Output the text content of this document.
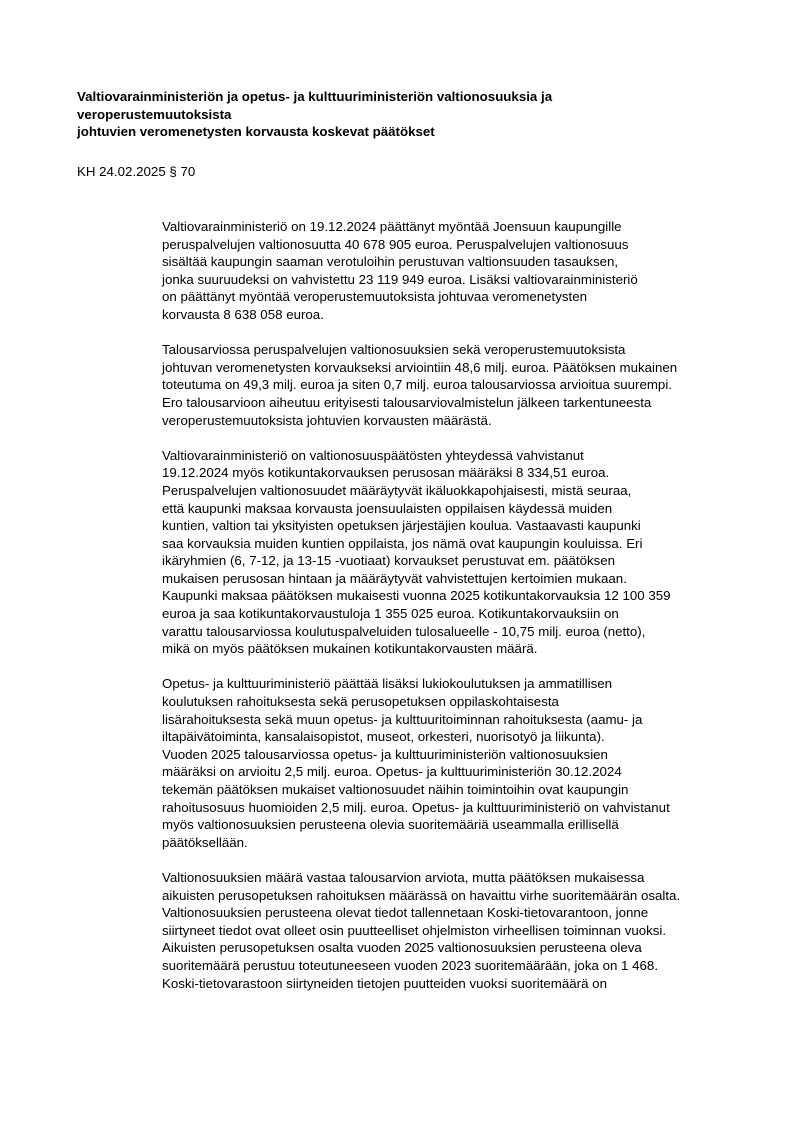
Valtiovarainministeriön ja opetus- ja kulttuuriministeriön valtionosuuksia ja
veroperustemuutoksista
johtuvien veromenetysten korvausta koskevat päätökset

KH 24.02.2025 § 70

Valtiovarainministeriö on 19.12.2024 päättänyt myöntää Joensuun kaupungille
peruspalvelujen valtionosuutta 40 678 905 euroa. Peruspalvelujen valtionosuus
sisältää kaupungin saaman verotuloihin perustuvan valtionsuuden tasauksen,
jonka suuruudeksi on vahvistettu 23 119 949 euroa. Lisäksi valtiovarainministeriö
on päättänyt myöntää veroperustemuutoksista johtuvaa veromenetysten
korvausta 8 638 058 euroa.

Talousarviossa peruspalvelujen valtionosuuksien sekä veroperustemuutoksista
johtuvan veromenetysten korvaukseksi arviointiin 48,6 milj. euroa. Päätöksen mukainen
toteutuma on 49,3 milj. euroa ja siten 0,7 milj. euroa talousarviossa arvioitua suurempi.
Ero talousarvioon aiheutuu erityisesti talousarviovalmistelun jälkeen tarkentuneesta
veroperustemuutoksista johtuvien korvausten määrästä.

Valtiovarainministeriö on valtionosuuspäätösten yhteydessä vahvistanut
19.12.2024 myös kotikuntakorvauksen perusosan määräksi 8 334,51 euroa.
Peruspalvelujen valtionosuudet määräytyvät ikäluokkapohjaisesti, mistä seuraa,
että kaupunki maksaa korvausta joensuulaisten oppilaisen käydessä muiden
kuntien, valtion tai yksityisten opetuksen järjestäjien koulua. Vastaavasti kaupunki
saa korvauksia muiden kuntien oppilaista, jos nämä ovat kaupungin kouluissa. Eri
ikäryhmien (6, 7-12, ja 13-15 -vuotiaat) korvaukset perustuvat em. päätöksen
mukaisen perusosan hintaan ja määräytyvät vahvistettujen kertoimien mukaan.
Kaupunki maksaa päätöksen mukaisesti vuonna 2025 kotikuntakorvauksia 12 100 359
euroa ja saa kotikuntakorvaustuloja 1 355 025 euroa. Kotikuntakorvauksiin on
varattu talousarviossa koulutuspalveluiden tulosalueelle - 10,75 milj. euroa (netto),
mikä on myös päätöksen mukainen kotikuntakorvausten määrä.

Opetus- ja kulttuuriministeriö päättää lisäksi lukiokoulutuksen ja ammatillisen
koulutuksen rahoituksesta sekä perusopetuksen oppilaskohtaisesta
lisärahoituksesta sekä muun opetus- ja kulttuuritoiminnan rahoituksesta (aamu- ja
iltapäivätoiminta, kansalaisopistot, museot, orkesteri, nuorisotyö ja liikunta).
Vuoden 2025 talousarviossa opetus- ja kulttuuriministeriön valtionosuuksien
määräksi on arvioitu 2,5 milj. euroa. Opetus- ja kulttuuriministeriön 30.12.2024
tekemän päätöksen mukaiset valtionosuudet näihin toimintoihin ovat kaupungin
rahoitusosuus huomioiden 2,5 milj. euroa. Opetus- ja kulttuuriministeriö on vahvistanut
myös valtionosuuksien perusteena olevia suoritemääriä useammalla erillisellä
päätöksellään.

Valtionosuuksien määrä vastaa talousarvion arviota, mutta päätöksen mukaisessa
aikuisten perusopetuksen rahoituksen määrässä on havaittu virhe suoritemäärän osalta.
Valtionosuuksien perusteena olevat tiedot tallennetaan Koski-tietovarantoon, jonne
siirtyneet tiedot ovat olleet osin puutteelliset ohjelmiston virheellisen toiminnan vuoksi.
Aikuisten perusopetuksen osalta vuoden 2025 valtionosuuksien perusteena oleva
suoritemäärä perustuu toteutuneeseen vuoden 2023 suoritemäärään, joka on 1 468.
Koski-tietovarastoon siirtyneiden tietojen puutteiden vuoksi suoritemäärä on
